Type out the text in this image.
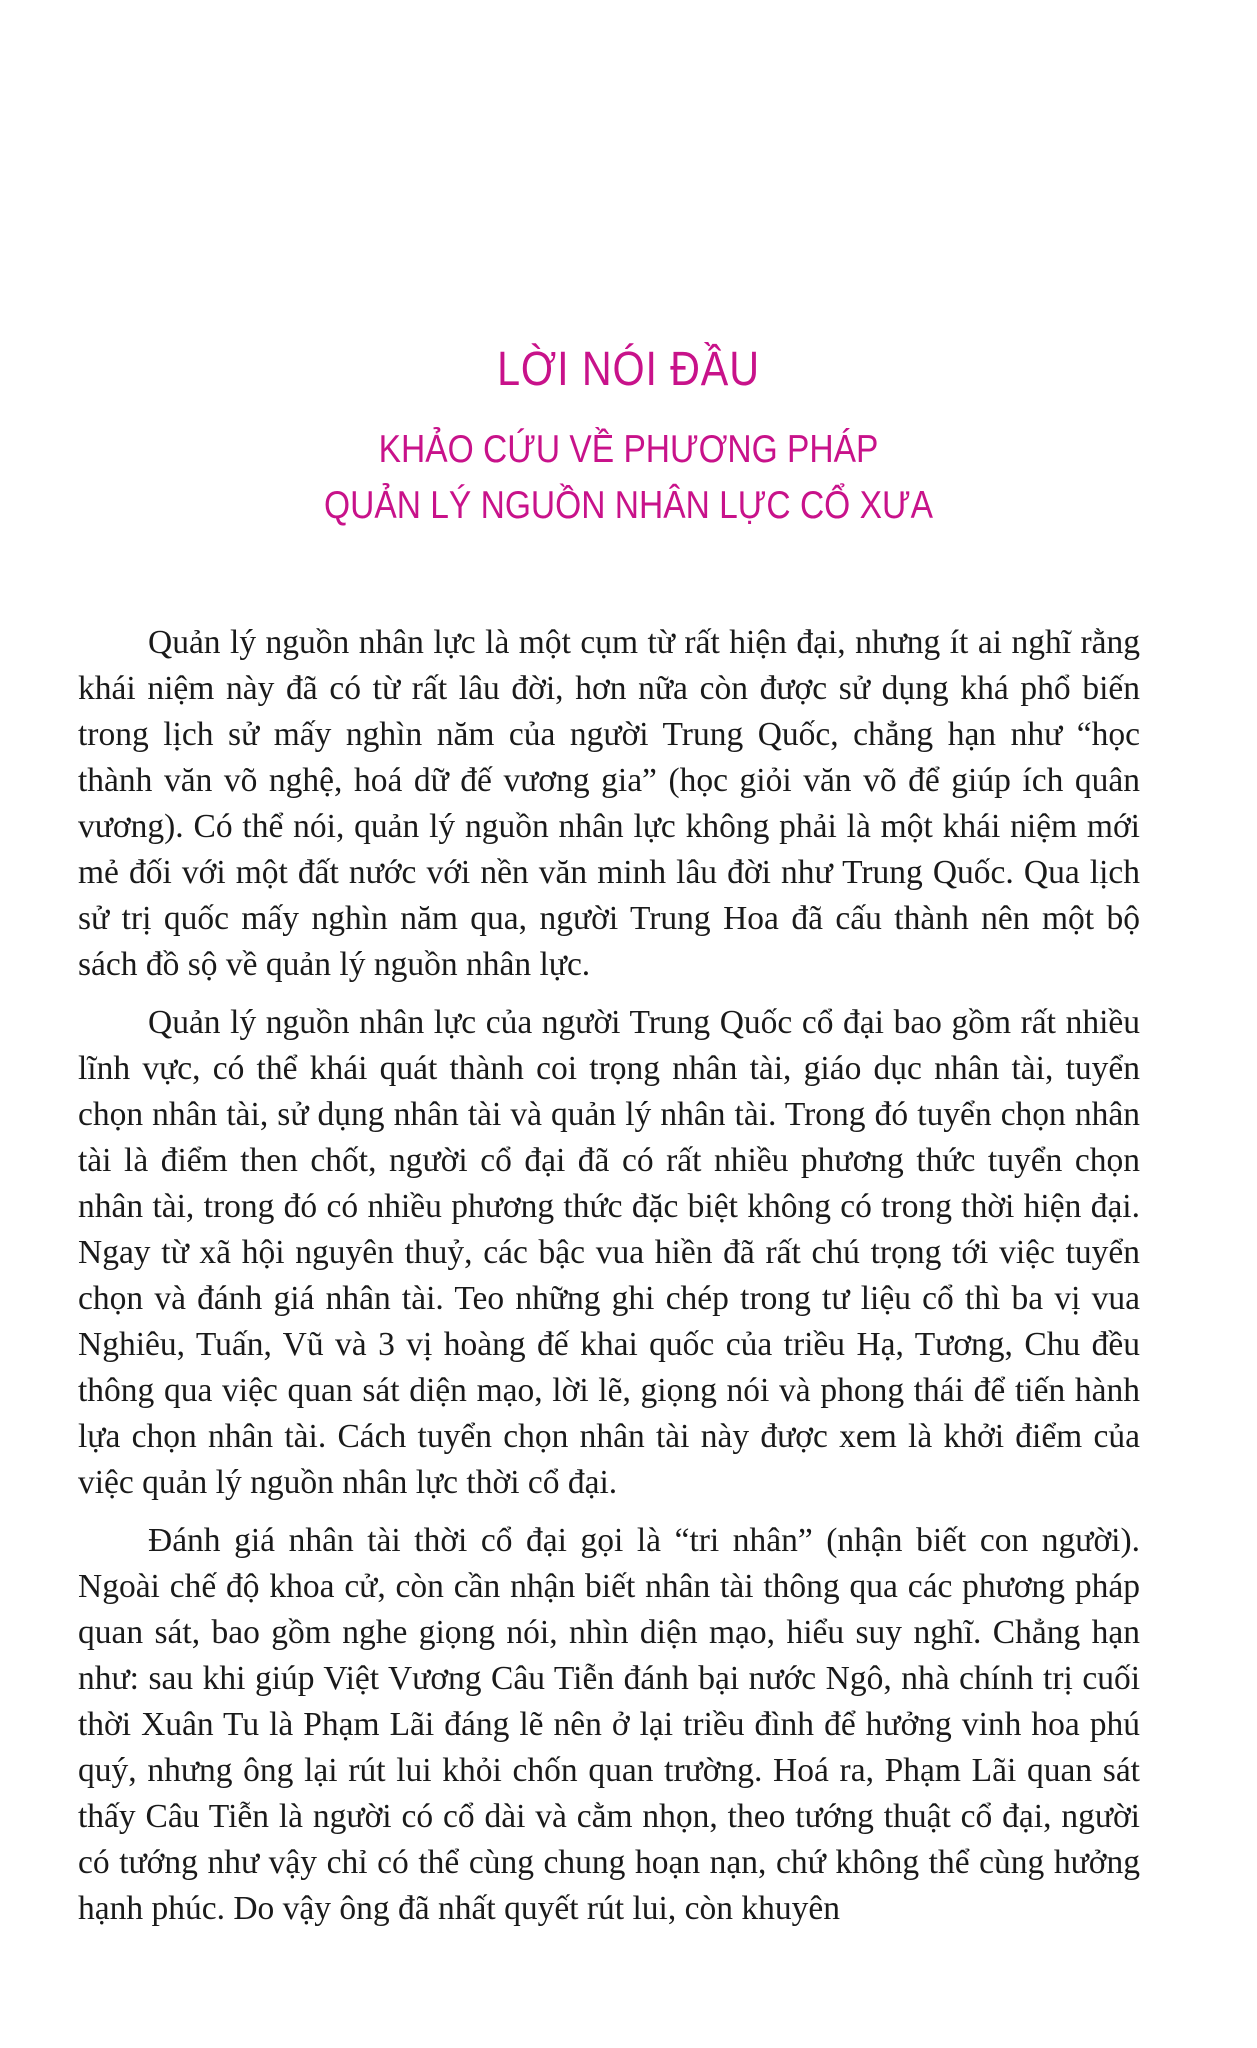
LỜI NÓI ĐẦU
KHẢO CỨU VỀ PHƯƠNG PHÁP
QUẢN LÝ NGUỒN NHÂN LỰC CỔ XƯA

Quản lý nguồn nhân lực là một cụm từ rất hiện đại, nhưng ít ai nghĩ rằng khái niệm này đã có từ rất lâu đời, hơn nữa còn được sử dụng khá phổ biến trong lịch sử mấy nghìn năm của người Trung Quốc, chẳng hạn như “học thành văn võ nghệ, hoá dữ đế vương gia” (học giỏi văn võ để giúp ích quân vương). Có thể nói, quản lý nguồn nhân lực không phải là một khái niệm mới mẻ đối với một đất nước với nền văn minh lâu đời như Trung Quốc. Qua lịch sử trị quốc mấy nghìn năm qua, người Trung Hoa đã cấu thành nên một bộ sách đồ sộ về quản lý nguồn nhân lực.

Quản lý nguồn nhân lực của người Trung Quốc cổ đại bao gồm rất nhiều lĩnh vực, có thể khái quát thành coi trọng nhân tài, giáo dục nhân tài, tuyển chọn nhân tài, sử dụng nhân tài và quản lý nhân tài. Trong đó tuyển chọn nhân tài là điểm then chốt, người cổ đại đã có rất nhiều phương thức tuyển chọn nhân tài, trong đó có nhiều phương thức đặc biệt không có trong thời hiện đại. Ngay từ xã hội nguyên thuỷ, các bậc vua hiền đã rất chú trọng tới việc tuyển chọn và đánh giá nhân tài. Teo những ghi chép trong tư liệu cổ thì ba vị vua Nghiêu, Tuấn, Vũ và 3 vị hoàng đế khai quốc của triều Hạ, Tương, Chu đều thông qua việc quan sát diện mạo, lời lẽ, giọng nói và phong thái để tiến hành lựa chọn nhân tài. Cách tuyển chọn nhân tài này được xem là khởi điểm của việc quản lý nguồn nhân lực thời cổ đại.

Đánh giá nhân tài thời cổ đại gọi là “tri nhân” (nhận biết con người). Ngoài chế độ khoa cử, còn cần nhận biết nhân tài thông qua các phương pháp quan sát, bao gồm nghe giọng nói, nhìn diện mạo, hiểu suy nghĩ. Chẳng hạn như: sau khi giúp Việt Vương Câu Tiễn đánh bại nước Ngô, nhà chính trị cuối thời Xuân Tu là Phạm Lãi đáng lẽ nên ở lại triều đình để hưởng vinh hoa phú quý, nhưng ông lại rút lui khỏi chốn quan trường. Hoá ra, Phạm Lãi quan sát thấy Câu Tiễn là người có cổ dài và cằm nhọn, theo tướng thuật cổ đại, người có tướng như vậy chỉ có thể cùng chung hoạn nạn, chứ không thể cùng hưởng hạnh phúc. Do vậy ông đã nhất quyết rút lui, còn khuyên
